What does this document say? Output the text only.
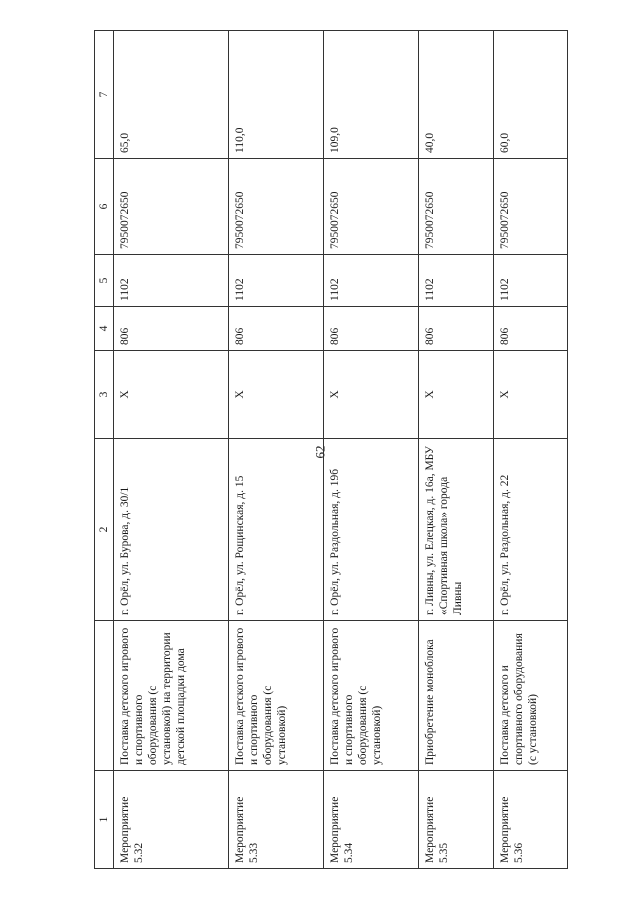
62
1		2	3	4	5	6	7
Мероприятие 5.32	Поставка детского игрового и спортивного оборудования (с установкой) на территории детской площадки дома	г. Орёл, ул. Бурова, д. 30/1	X	806	1102	7950072650	65,0
Мероприятие 5.33	Поставка детского игрового и спортивного оборудования (с установкой)	г. Орёл, ул. Рощинская, д. 15	X	806	1102	7950072650	110,0
Мероприятие 5.34	Поставка детского игрового и спортивного оборудования (с установкой)	г. Орёл, ул. Раздольная, д. 19б	X	806	1102	7950072650	109,0
Мероприятие 5.35	Приобретение моноблока	г. Ливны, ул. Елецкая, д. 16а, МБУ «Спортивная школа» города Ливны	X	806	1102	7950072650	40,0
Мероприятие 5.36	Поставка детского и спортивного оборудования (с установкой)	г. Орёл, ул. Раздольная, д. 22	X	806	1102	7950072650	60,0
